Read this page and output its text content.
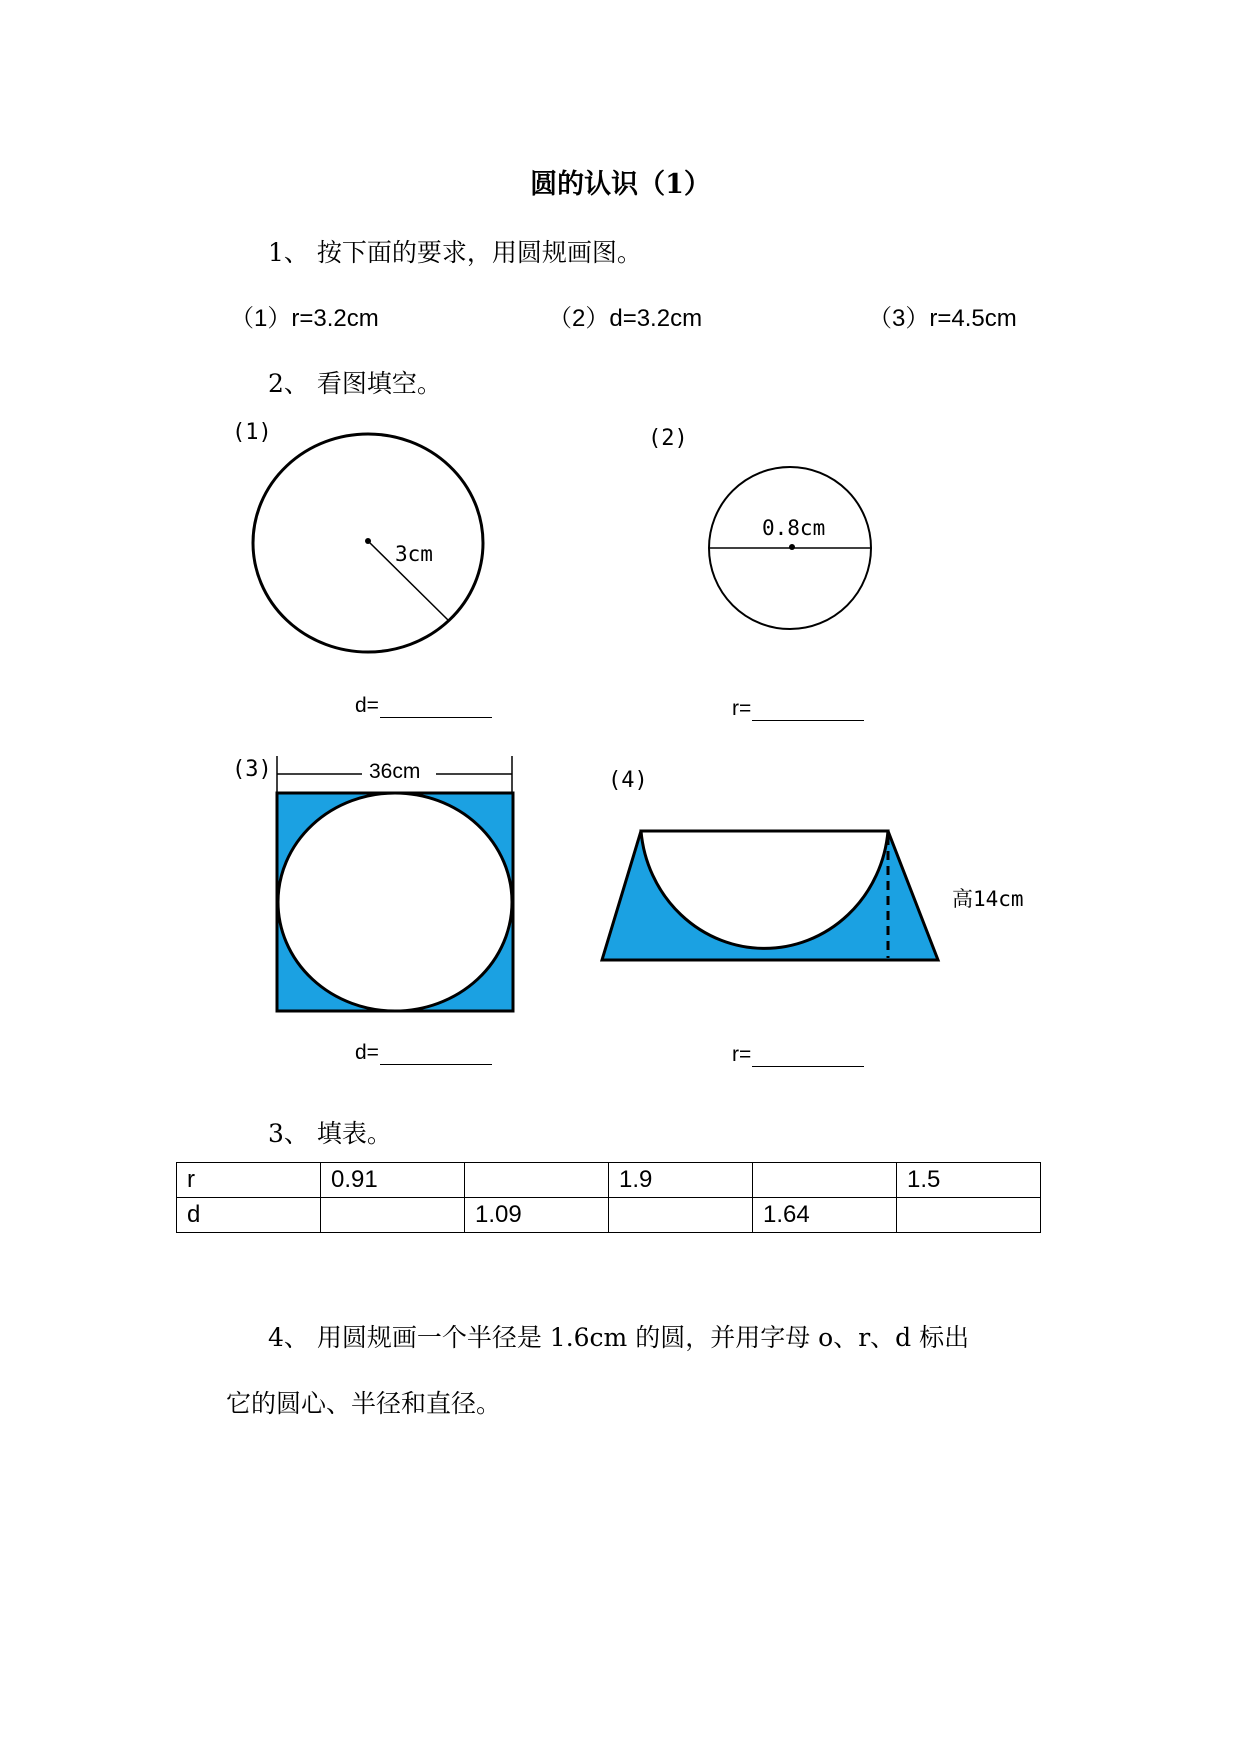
圆的认识（1）
1、 按下面的要求，用圆规画图。
（1）r=3.2cm	（2）d=3.2cm	（3）r=4.5cm
2、 看图填空。
(1)
3cm
d=
(2)
0.8cm
r=
(3)	36cm
d=
(4)
高14cm
r=
3、 填表。
r	0.91		1.9		1.5
d		1.09		1.64	
4、 用圆规画一个半径是 1.6cm 的圆，并用字母 o、r、d 标出
它的圆心、半径和直径。
